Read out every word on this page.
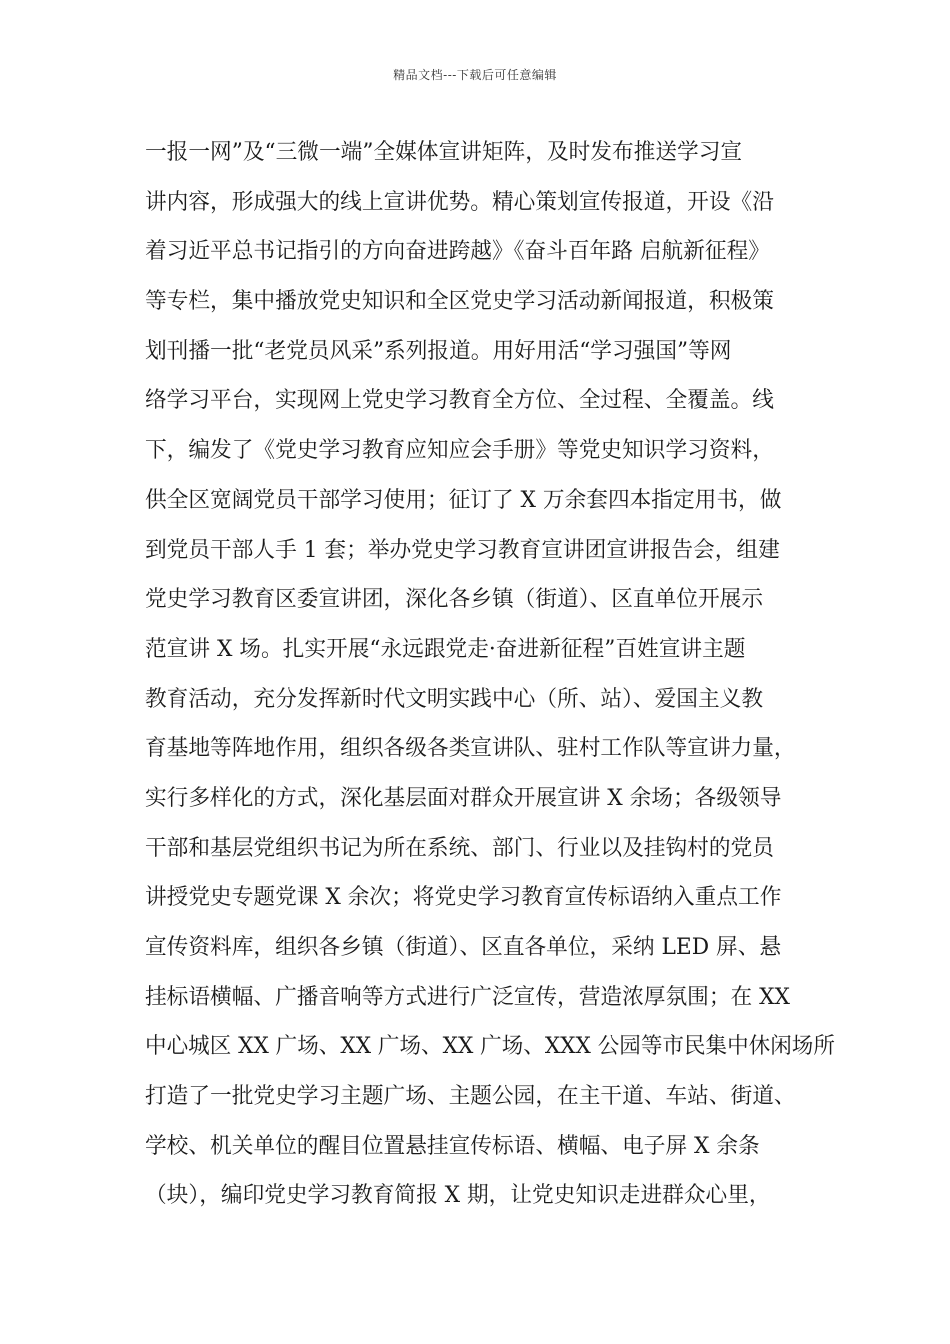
精品文档---下载后可任意编辑
一报一网”及“三微一端”全媒体宣讲矩阵，及时发布推送学习宣
讲内容，形成强大的线上宣讲优势。精心策划宣传报道，开设《沿
着习近平总书记指引的方向奋进跨越》《奋斗百年路 启航新征程》
等专栏，集中播放党史知识和全区党史学习活动新闻报道，积极策
划刊播一批“老党员风采”系列报道。用好用活“学习强国”等网
络学习平台，实现网上党史学习教育全方位、全过程、全覆盖。线
下，编发了《党史学习教育应知应会手册》等党史知识学习资料，
供全区宽阔党员干部学习使用；征订了 X 万余套四本指定用书，做
到党员干部人手 1 套；举办党史学习教育宣讲团宣讲报告会，组建
党史学习教育区委宣讲团，深化各乡镇（街道）、区直单位开展示
范宣讲 X 场。扎实开展“永远跟党走·奋进新征程”百姓宣讲主题
教育活动，充分发挥新时代文明实践中心（所、站）、爱国主义教
育基地等阵地作用，组织各级各类宣讲队、驻村工作队等宣讲力量，
实行多样化的方式，深化基层面对群众开展宣讲 X 余场；各级领导
干部和基层党组织书记为所在系统、部门、行业以及挂钩村的党员
讲授党史专题党课 X 余次；将党史学习教育宣传标语纳入重点工作
宣传资料库，组织各乡镇（街道）、区直各单位，采纳 LED 屏、悬
挂标语横幅、广播音响等方式进行广泛宣传，营造浓厚氛围；在 XX
中心城区 XX 广场、XX 广场、XX 广场、XXX 公园等市民集中休闲场所
打造了一批党史学习主题广场、主题公园，在主干道、车站、街道、
学校、机关单位的醒目位置悬挂宣传标语、横幅、电子屏 X 余条
（块），编印党史学习教育简报 X 期，让党史知识走进群众心里，
